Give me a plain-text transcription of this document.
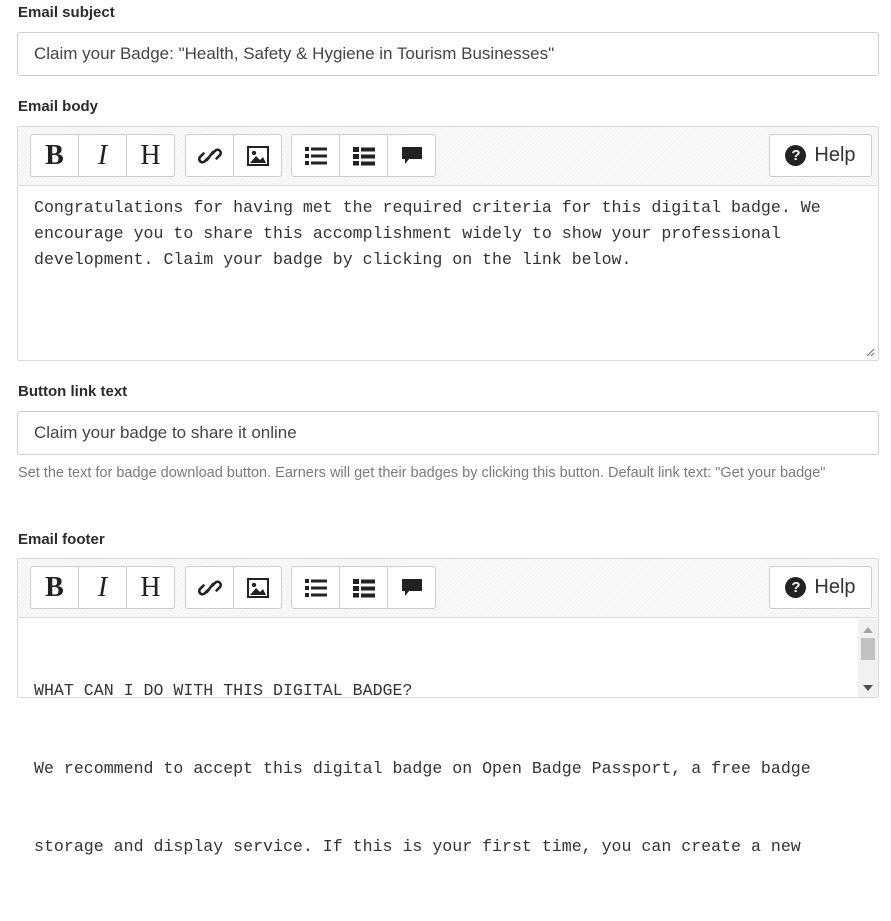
Email subject
Claim your Badge: "Health, Safety & Hygiene in Tourism Businesses"
Email body
B I H	? Help
Congratulations for having met the required criteria for this digital badge. We encourage you to share this accomplishment widely to show your professional development. Claim your badge by clicking on the link below.
Button link text
Claim your badge to share it online
Set the text for badge download button. Earners will get their badges by clicking this button. Default link text: "Get your badge"
Email footer
B I H	? Help

WHAT CAN I DO WITH THIS DIGITAL BADGE?

We recommend to accept this digital badge on Open Badge Passport, a free badge

storage and display service. If this is your first time, you can create a new
